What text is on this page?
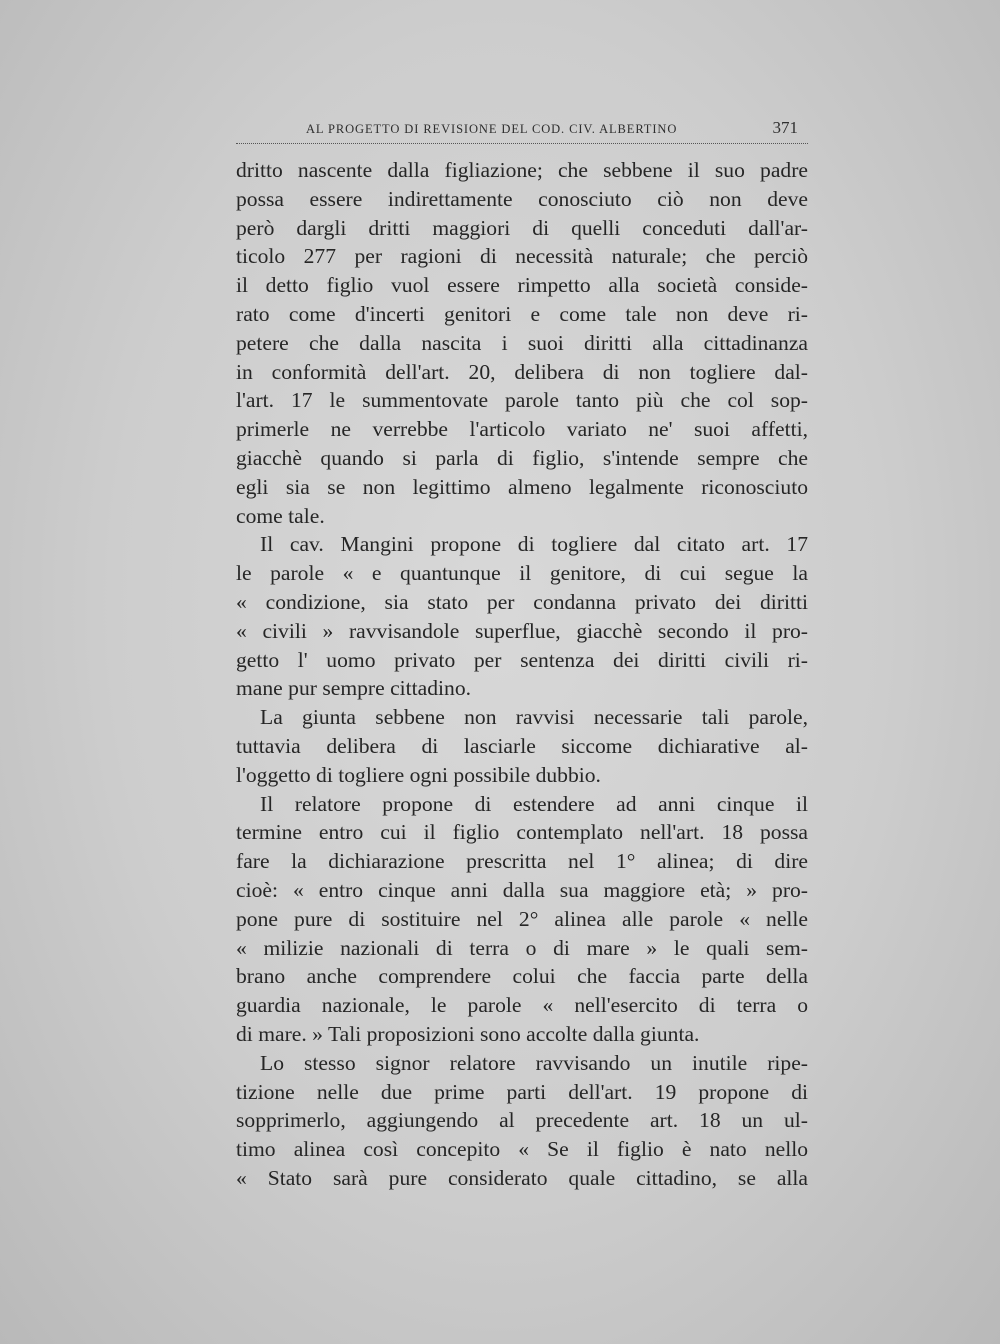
AL PROGETTO DI REVISIONE DEL COD. CIV. ALBERTINO	371
dritto nascente dalla figliazione; che sebbene il suo padre
possa essere indirettamente conosciuto ciò non deve
però dargli dritti maggiori di quelli conceduti dall'ar-
ticolo 277 per ragioni di necessità naturale; che perciò
il detto figlio vuol essere rimpetto alla società conside-
rato come d'incerti genitori e come tale non deve ri-
petere che dalla nascita i suoi diritti alla cittadinanza
in conformità dell'art. 20, delibera di non togliere dal-
l'art. 17 le summentovate parole tanto più che col sop-
primerle ne verrebbe l'articolo variato ne' suoi affetti,
giacchè quando si parla di figlio, s'intende sempre che
egli sia se non legittimo almeno legalmente riconosciuto
come tale.
Il cav. Mangini propone di togliere dal citato art. 17
le parole « e quantunque il genitore, di cui segue la
« condizione, sia stato per condanna privato dei diritti
« civili » ravvisandole superflue, giacchè secondo il pro-
getto l' uomo privato per sentenza dei diritti civili ri-
mane pur sempre cittadino.
La giunta sebbene non ravvisi necessarie tali parole,
tuttavia delibera di lasciarle siccome dichiarative al-
l'oggetto di togliere ogni possibile dubbio.
Il relatore propone di estendere ad anni cinque il
termine entro cui il figlio contemplato nell'art. 18 possa
fare la dichiarazione prescritta nel 1° alinea; di dire
cioè: « entro cinque anni dalla sua maggiore età; » pro-
pone pure di sostituire nel 2° alinea alle parole « nelle
« milizie nazionali di terra o di mare » le quali sem-
brano anche comprendere colui che faccia parte della
guardia nazionale, le parole « nell'esercito di terra o
di mare. » Tali proposizioni sono accolte dalla giunta.
Lo stesso signor relatore ravvisando un inutile ripe-
tizione nelle due prime parti dell'art. 19 propone di
sopprimerlo, aggiungendo al precedente art. 18 un ul-
timo alinea così concepito « Se il figlio è nato nello
« Stato sarà pure considerato quale cittadino, se alla
